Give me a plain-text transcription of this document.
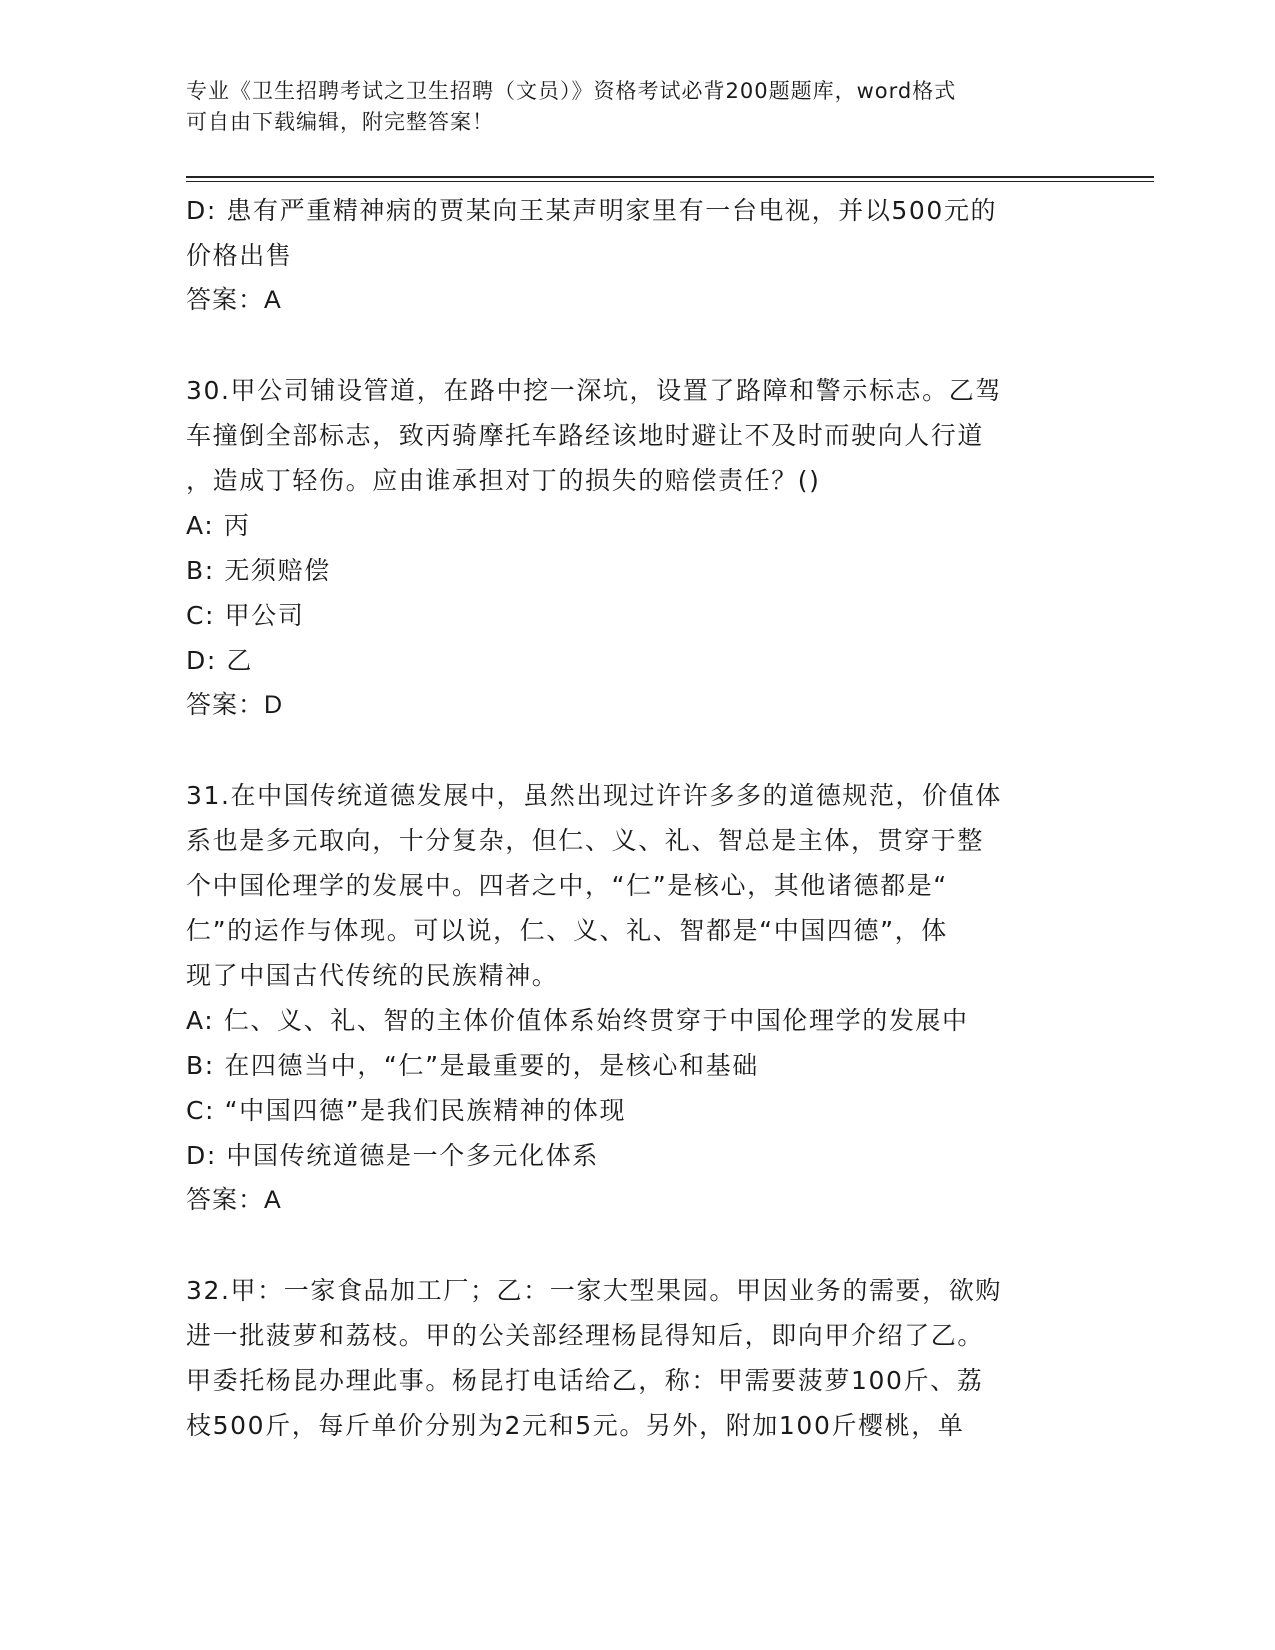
专业《卫生招聘考试之卫生招聘（文员）》资格考试必背200题题库，word格式
可自由下载编辑，附完整答案！
D: 患有严重精神病的贾某向王某声明家里有一台电视，并以500元的
价格出售
答案：A
30.甲公司铺设管道，在路中挖一深坑，设置了路障和警示标志。乙驾
车撞倒全部标志，致丙骑摩托车路经该地时避让不及时而驶向人行道
，造成丁轻伤。应由谁承担对丁的损失的赔偿责任？()
A: 丙
B: 无须赔偿
C: 甲公司
D: 乙
答案：D
31.在中国传统道德发展中，虽然出现过许许多多的道德规范，价值体
系也是多元取向，十分复杂，但仁、义、礼、智总是主体，贯穿于整
个中国伦理学的发展中。四者之中，“仁”是核心，其他诸德都是“
仁”的运作与体现。可以说，仁、义、礼、智都是“中国四德”，体
现了中国古代传统的民族精神。
A: 仁、义、礼、智的主体价值体系始终贯穿于中国伦理学的发展中
B: 在四德当中，“仁”是最重要的，是核心和基础
C: “中国四德”是我们民族精神的体现
D: 中国传统道德是一个多元化体系
答案：A
32.甲：一家食品加工厂；乙：一家大型果园。甲因业务的需要，欲购
进一批菠萝和荔枝。甲的公关部经理杨昆得知后，即向甲介绍了乙。
甲委托杨昆办理此事。杨昆打电话给乙，称：甲需要菠萝100斤、荔
枝500斤，每斤单价分别为2元和5元。另外，附加100斤樱桃，单
